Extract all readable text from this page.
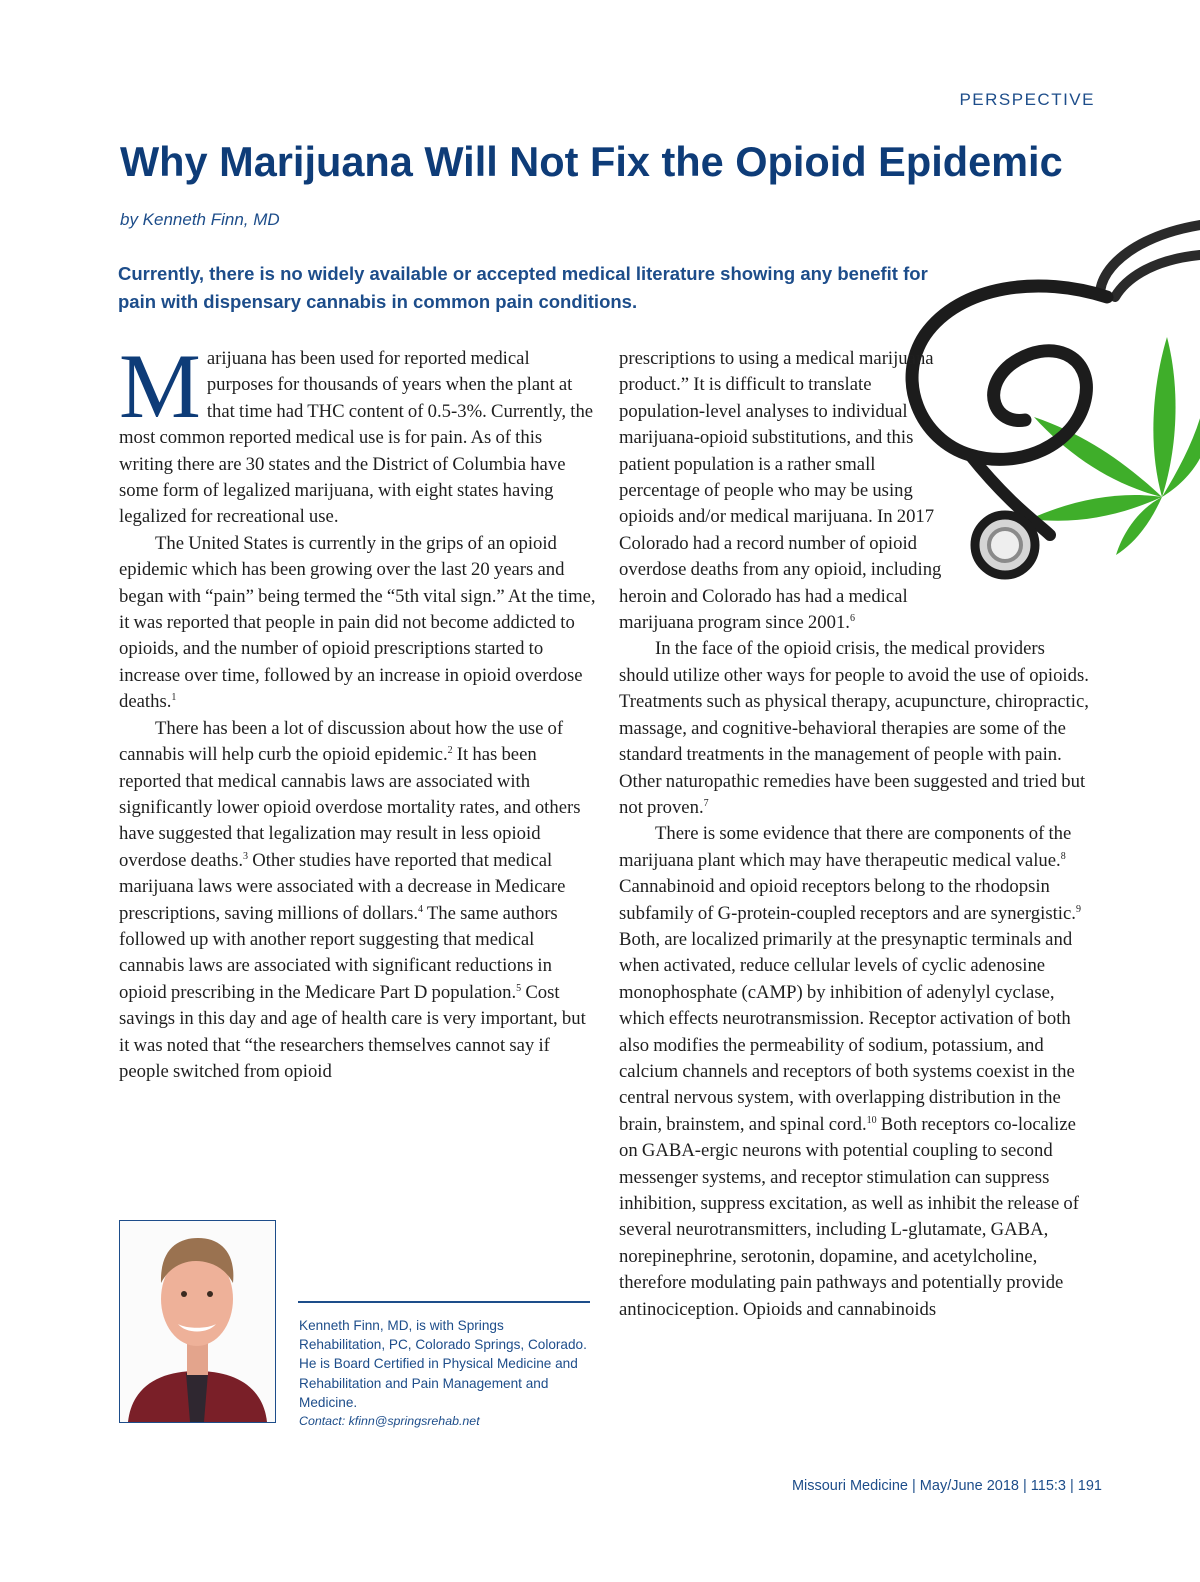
PERSPECTIVE
Why Marijuana Will Not Fix the Opioid Epidemic
by Kenneth Finn, MD

Currently, there is no widely available or accepted medical literature showing any benefit for pain with dispensary cannabis in common pain conditions.

Marijuana has been used for reported medical purposes for thousands of years when the plant at that time had THC content of 0.5-3%. Currently, the most common reported medical use is for pain. As of this writing there are 30 states and the District of Columbia have some form of legalized marijuana, with eight states having legalized for recreational use.

The United States is currently in the grips of an opioid epidemic which has been growing over the last 20 years and began with “pain” being termed the “5th vital sign.” At the time, it was reported that people in pain did not become addicted to opioids, and the number of opioid prescriptions started to increase over time, followed by an increase in opioid overdose deaths.$^1$

There has been a lot of discussion about how the use of cannabis will help curb the opioid epidemic.$^2$ It has been reported that medical cannabis laws are associated with significantly lower opioid overdose mortality rates, and others have suggested that legalization may result in less opioid overdose deaths.$^3$ Other studies have reported that medical marijuana laws were associated with a decrease in Medicare prescriptions, saving millions of dollars.$^4$ The same authors followed up with another report suggesting that medical cannabis laws are associated with significant reductions in opioid prescribing in the Medicare Part D population.$^5$ Cost savings in this day and age of health care is very important, but it was noted that “the researchers themselves cannot say if people switched from opioid

prescriptions to using a medical marijuana product.” It is difficult to translate population-level analyses to individual marijuana-opioid substitutions, and this patient population is a rather small percentage of people who may be using opioids and/or medical marijuana. In 2017 Colorado had a record number of opioid overdose deaths from any opioid, including heroin and Colorado has had a medical marijuana program since 2001.$^6$

In the face of the opioid crisis, the medical providers should utilize other ways for people to avoid the use of opioids. Treatments such as physical therapy, acupuncture, chiropractic, massage, and cognitive-behavioral therapies are some of the standard treatments in the management of people with pain. Other naturopathic remedies have been suggested and tried but not proven.$^7$

There is some evidence that there are components of the marijuana plant which may have therapeutic medical value.$^8$ Cannabinoid and opioid receptors belong to the rhodopsin subfamily of G-protein-coupled receptors and are synergistic.$^9$ Both, are localized primarily at the presynaptic terminals and when activated, reduce cellular levels of cyclic adenosine monophosphate (cAMP) by inhibition of adenylyl cyclase, which effects neurotransmission. Receptor activation of both also modifies the permeability of sodium, potassium, and calcium channels and receptors of both systems coexist in the central nervous system, with overlapping distribution in the brain, brainstem, and spinal cord.$^{10}$ Both receptors co-localize on GABA-ergic neurons with potential coupling to second messenger systems, and receptor stimulation can suppress inhibition, suppress excitation, as well as inhibit the release of several neurotransmitters, including L-glutamate, GABA, norepinephrine, serotonin, dopamine, and acetylcholine, therefore modulating pain pathways and potentially provide antinociception. Opioids and cannabinoids

Kenneth Finn, MD, is with Springs Rehabilitation, PC, Colorado Springs, Colorado. He is Board Certified in Physical Medicine and Rehabilitation and Pain Management and Medicine.
Contact: kfinn@springsrehab.net
Missouri Medicine | May/June 2018 | 115:3 | 191
